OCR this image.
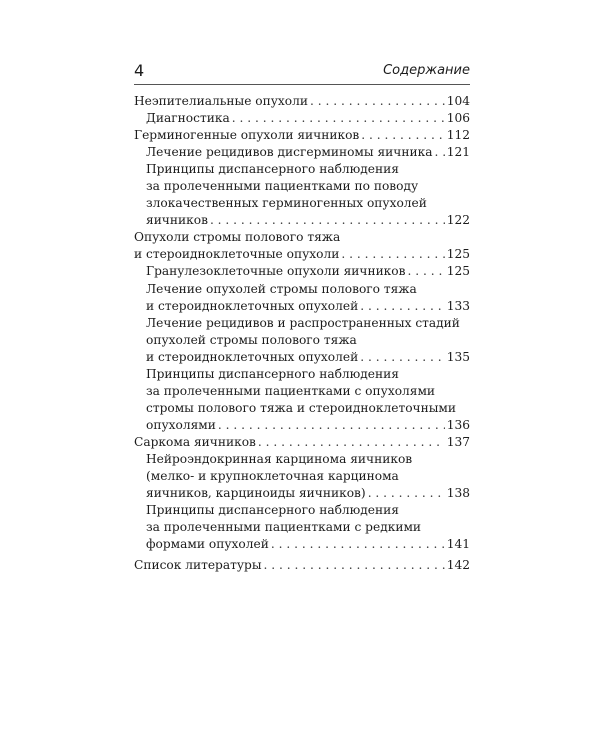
4	Содержание
Неэпителиальные опухоли . . .	104
Диагностика . . .	106
Герминогенные опухоли яичников . . .	112
Лечение рецидивов дисгерминомы яичника . . . 121
Принципы диспансерного наблюдения
за пролеченными пациентками по поводу
злокачественных герминогенных опухолей
яичников . . .	122
Опухоли стромы полового тяжа
и стероидноклеточные опухоли . . .	125
Гранулезоклеточные опухоли яичников . . .	125
Лечение опухолей стромы полового тяжа
и стероидноклеточных опухолей . . .	133
Лечение рецидивов и распространенных стадий
опухолей стромы полового тяжа
и стероидноклеточных опухолей . . .	135
Принципы диспансерного наблюдения
за пролеченными пациентками с опухолями
стромы полового тяжа и стероидноклеточными
опухолями . . .	136
Саркома яичников . . .	137
Нейроэндокринная карцинома яичников
(мелко- и крупноклеточная карцинома
яичников, карциноиды яичников) . . .	138
Принципы диспансерного наблюдения
за пролеченными пациентками с редкими
формами опухолей . . .	141
Список литературы . . .	142
